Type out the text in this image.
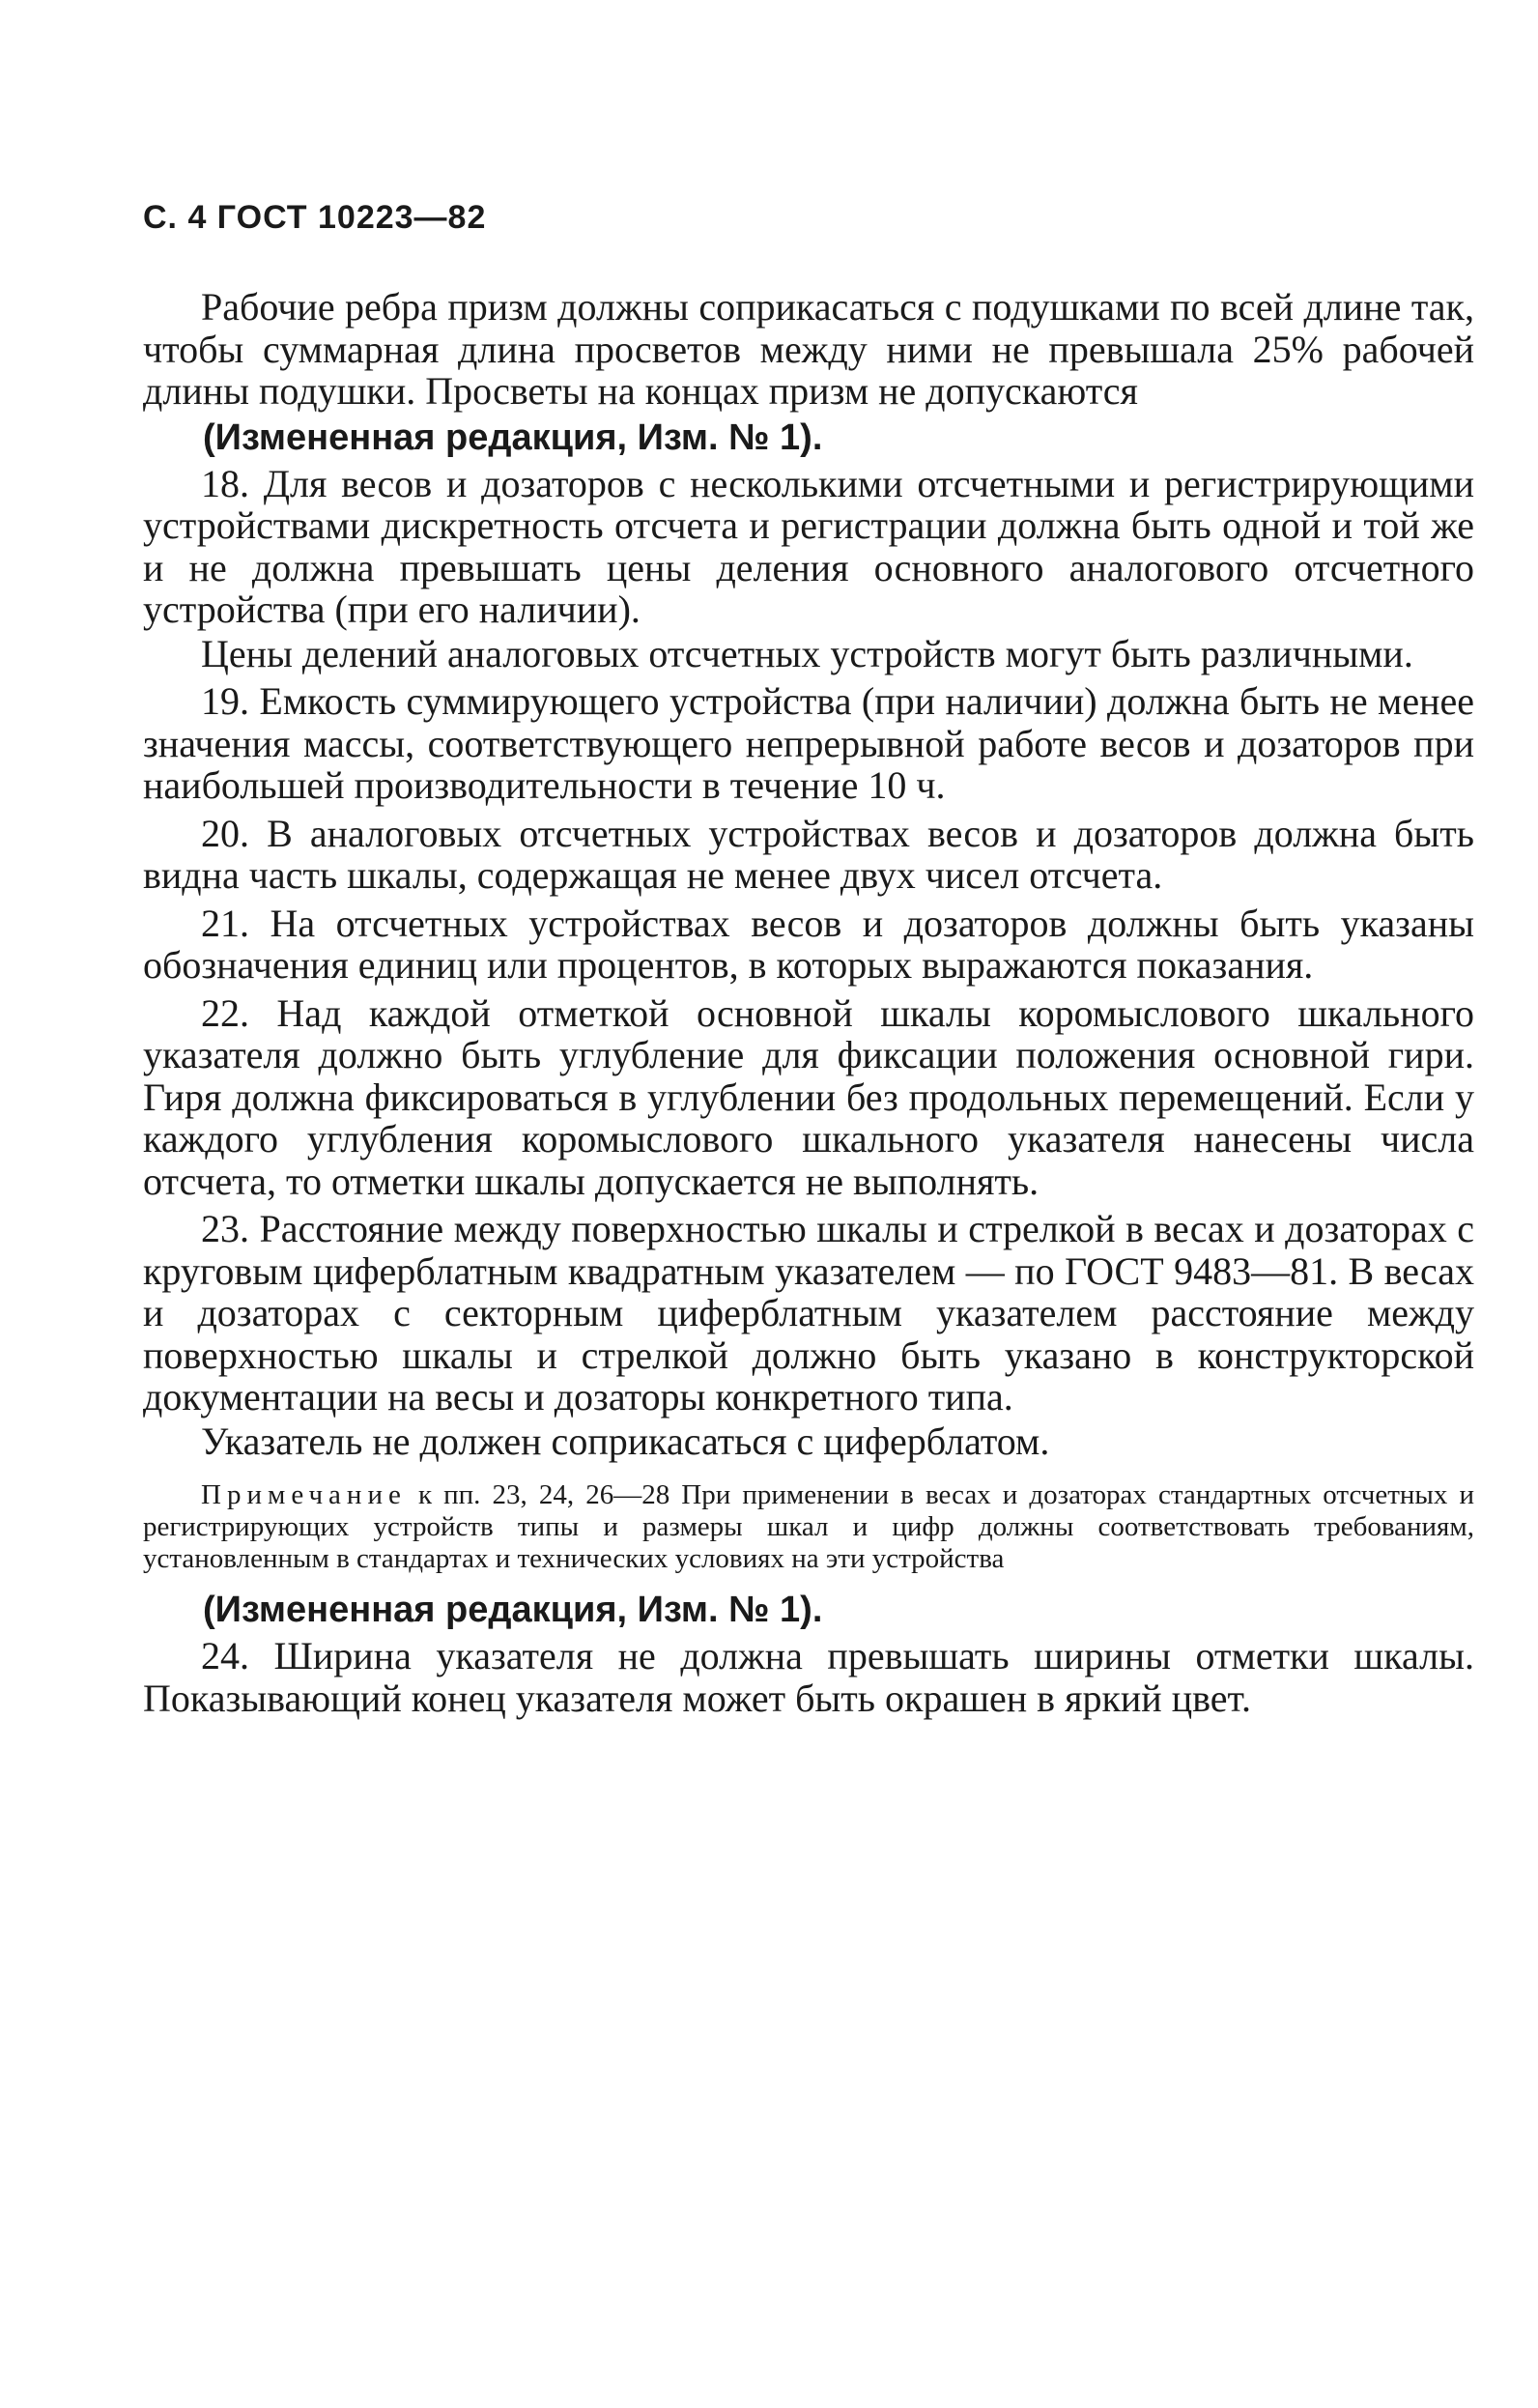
С. 4 ГОСТ 10223—82

Рабочие ребра призм должны соприкасаться с подушками по всей длине так, чтобы суммарная длина просветов между ними не превышала 25% рабочей длины подушки. Просветы на концах призм не допускаются

(Измененная редакция, Изм. № 1).

18. Для весов и дозаторов с несколькими отсчетными и регистрирующими устройствами дискретность отсчета и регистрации должна быть одной и той же и не должна превышать цены деления основного аналогового отсчетного устройства (при его наличии).

Цены делений аналоговых отсчетных устройств могут быть различными.

19. Емкость суммирующего устройства (при наличии) должна быть не менее значения массы, соответствующего непрерывной работе весов и дозаторов при наибольшей производительности в течение 10 ч.

20. В аналоговых отсчетных устройствах весов и дозаторов должна быть видна часть шкалы, содержащая не менее двух чисел отсчета.

21. На отсчетных устройствах весов и дозаторов должны быть указаны обозначения единиц или процентов, в которых выражаются показания.

22. Над каждой отметкой основной шкалы коромыслового шкального указателя должно быть углубление для фиксации положения основной гири. Гиря должна фиксироваться в углублении без продольных перемещений. Если у каждого углубления коромыслового шкального указателя нанесены числа отсчета, то отметки шкалы допускается не выполнять.

23. Расстояние между поверхностью шкалы и стрелкой в весах и дозаторах с круговым циферблатным квадратным указателем — по ГОСТ 9483—81. В весах и дозаторах с секторным циферблатным указателем расстояние между поверхностью шкалы и стрелкой должно быть указано в конструкторской документации на весы и дозаторы конкретного типа.

Указатель не должен соприкасаться с циферблатом.

Примечание к пп. 23, 24, 26—28 При применении в весах и дозаторах стандартных отсчетных и регистрирующих устройств типы и размеры шкал и цифр должны соответствовать требованиям, установленным в стандартах и технических условиях на эти устройства

(Измененная редакция, Изм. № 1).

24. Ширина указателя не должна превышать ширины отметки шкалы. Показывающий конец указателя может быть окрашен в яркий цвет.
